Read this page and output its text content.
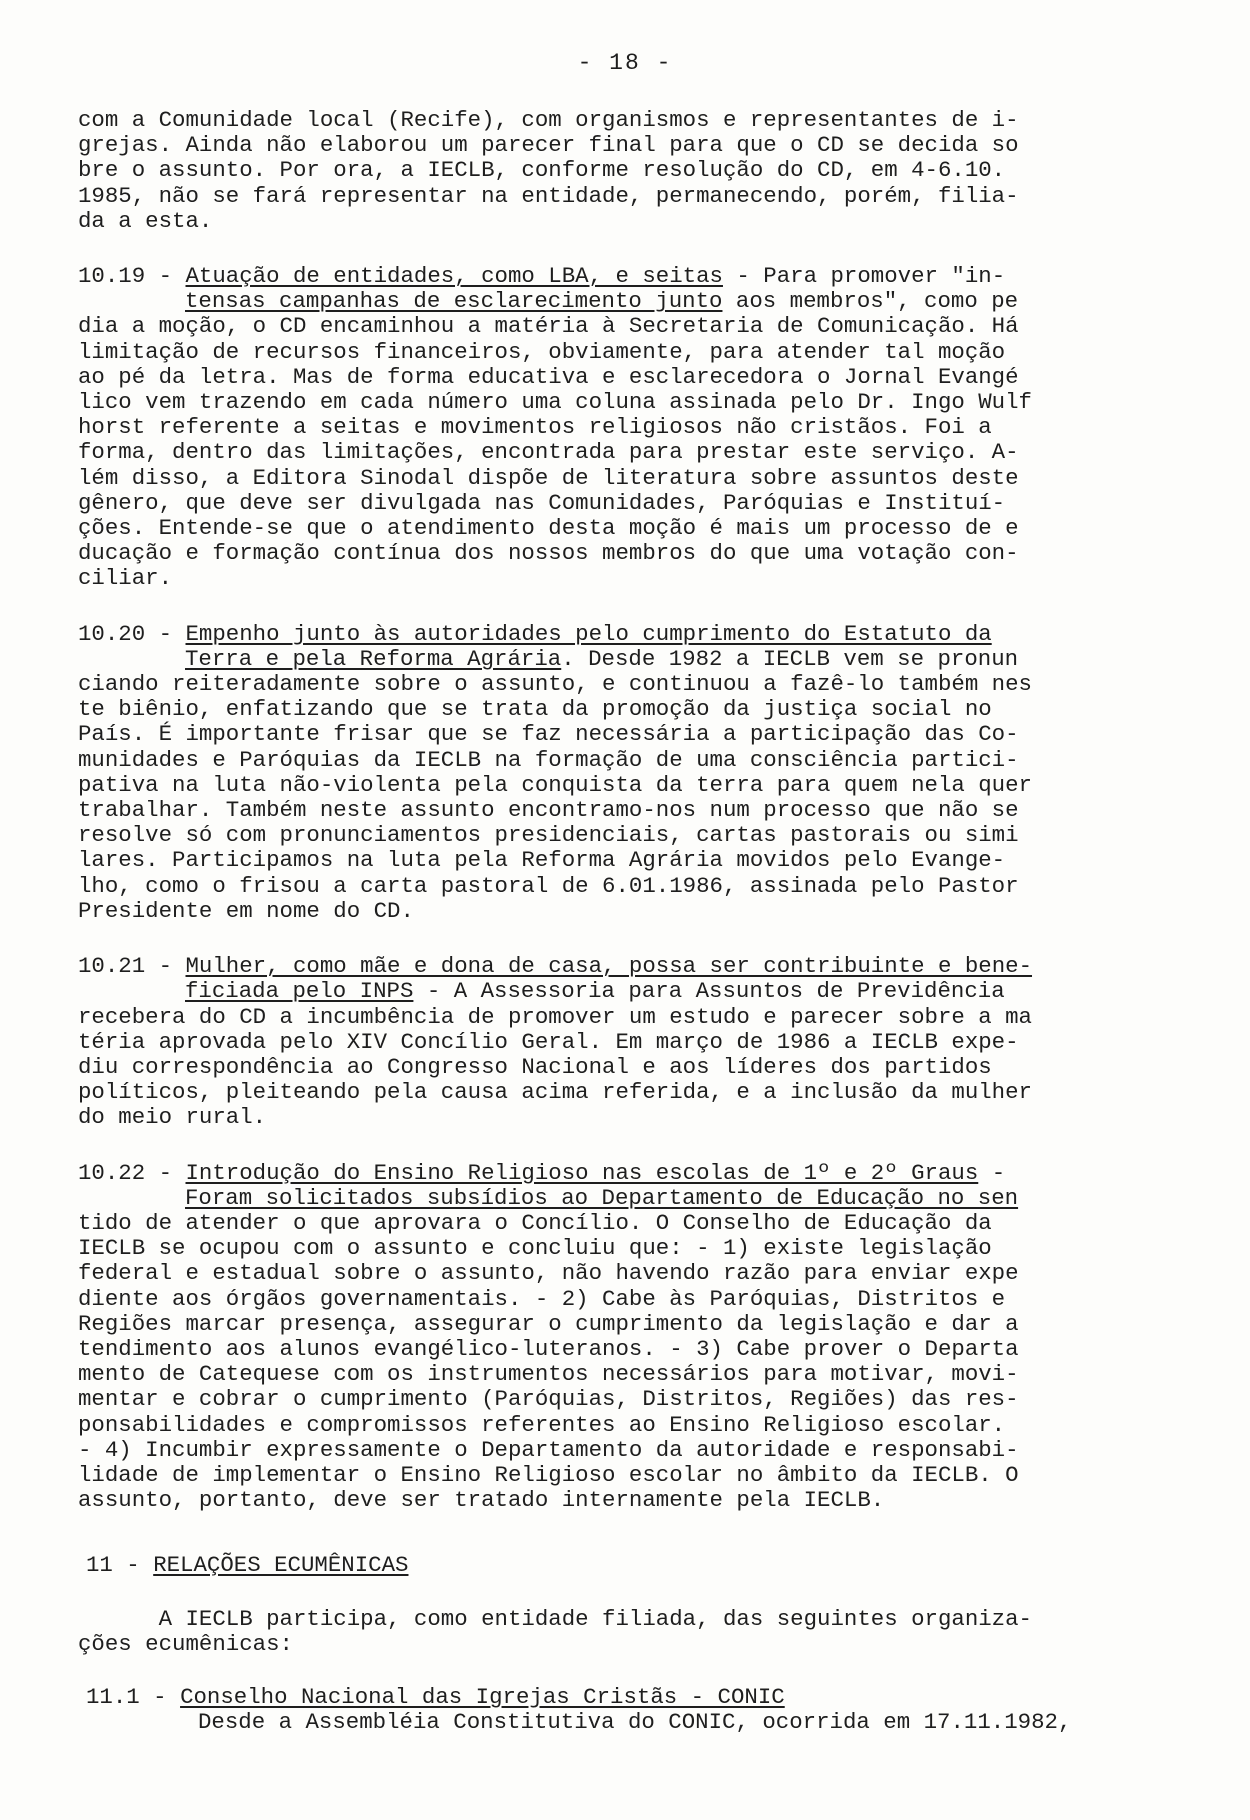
- 18 -

com a Comunidade local (Recife), com organismos e representantes de i-

grejas. Ainda não elaborou um parecer final para que o CD se decida so

bre o assunto. Por ora, a IECLB, conforme resolução do CD, em 4-6.10.

1985, não se fará representar na entidade, permanecendo, porém, filia-

da a esta.

10.19 - Atuação de entidades, como LBA, e seitas - Para promover "in-

tensas campanhas de esclarecimento junto aos membros", como pe

dia a moção, o CD encaminhou a matéria à Secretaria de Comunicação. Há

limitação de recursos financeiros, obviamente, para atender tal moção

ao pé da letra. Mas de forma educativa e esclarecedora o Jornal Evangé

lico vem trazendo em cada número uma coluna assinada pelo Dr. Ingo Wulf

horst referente a seitas e movimentos religiosos não cristãos. Foi a

forma, dentro das limitações, encontrada para prestar este serviço. A-

lém disso, a Editora Sinodal dispõe de literatura sobre assuntos deste

gênero, que deve ser divulgada nas Comunidades, Paróquias e Instituí-

ções. Entende-se que o atendimento desta moção é mais um processo de e

ducação e formação contínua dos nossos membros do que uma votação con-

ciliar.

10.20 - Empenho junto às autoridades pelo cumprimento do Estatuto da

Terra e pela Reforma Agrária. Desde 1982 a IECLB vem se pronun

ciando reiteradamente sobre o assunto, e continuou a fazê-lo também nes

te biênio, enfatizando que se trata da promoção da justiça social no

País. É importante frisar que se faz necessária a participação das Co-

munidades e Paróquias da IECLB na formação de uma consciência partici-

pativa na luta não-violenta pela conquista da terra para quem nela quer

trabalhar. Também neste assunto encontramo-nos num processo que não se

resolve só com pronunciamentos presidenciais, cartas pastorais ou simi

lares. Participamos na luta pela Reforma Agrária movidos pelo Evange-

lho, como o frisou a carta pastoral de 6.01.1986, assinada pelo Pastor

Presidente em nome do CD.

10.21 - Mulher, como mãe e dona de casa, possa ser contribuinte e bene-

ficiada pelo INPS - A Assessoria para Assuntos de Previdência

recebera do CD a incumbência de promover um estudo e parecer sobre a ma

téria aprovada pelo XIV Concílio Geral. Em março de 1986 a IECLB expe-

diu correspondência ao Congresso Nacional e aos líderes dos partidos

políticos, pleiteando pela causa acima referida, e a inclusão da mulher

do meio rural.

10.22 - Introdução do Ensino Religioso nas escolas de 1º e 2º Graus -

Foram solicitados subsídios ao Departamento de Educação no sen

tido de atender o que aprovara o Concílio. O Conselho de Educação da

IECLB se ocupou com o assunto e concluiu que: - 1) existe legislação

federal e estadual sobre o assunto, não havendo razão para enviar expe

diente aos órgãos governamentais. - 2) Cabe às Paróquias, Distritos e

Regiões marcar presença, assegurar o cumprimento da legislação e dar a

tendimento aos alunos evangélico-luteranos. - 3) Cabe prover o Departa

mento de Catequese com os instrumentos necessários para motivar, movi-

mentar e cobrar o cumprimento (Paróquias, Distritos, Regiões) das res-

ponsabilidades e compromissos referentes ao Ensino Religioso escolar.

- 4) Incumbir expressamente o Departamento da autoridade e responsabi-

lidade de implementar o Ensino Religioso escolar no âmbito da IECLB. O

assunto, portanto, deve ser tratado internamente pela IECLB.

11 - RELAÇÕES ECUMÊNICAS

A IECLB participa, como entidade filiada, das seguintes organiza-

ções ecumênicas:

11.1 - Conselho Nacional das Igrejas Cristãs - CONIC

Desde a Assembléia Constitutiva do CONIC, ocorrida em 17.11.1982,
